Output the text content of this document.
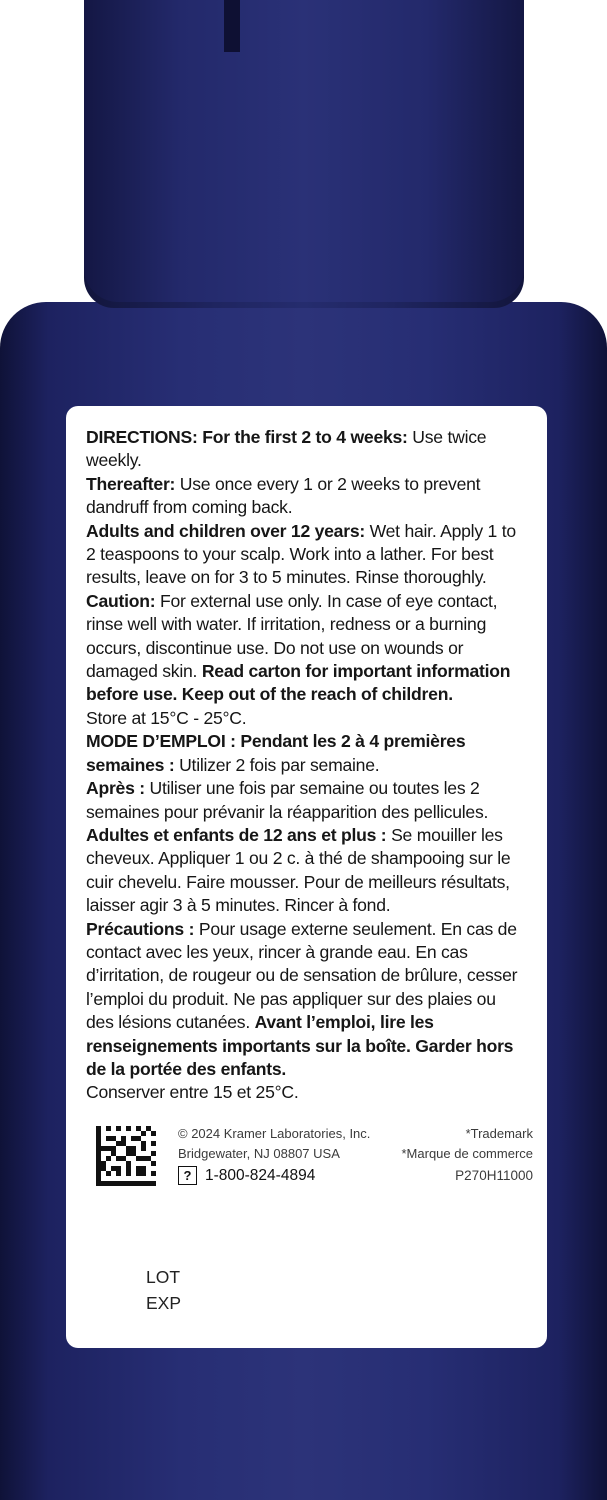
DIRECTIONS: For the first 2 to 4 weeks: Use twice weekly.

Thereafter: Use once every 1 or 2 weeks to prevent dandruff from coming back.

Adults and children over 12 years: Wet hair. Apply 1 to 2 teaspoons to your scalp. Work into a lather. For best results, leave on for 3 to 5 minutes. Rinse thoroughly.

Caution: For external use only. In case of eye contact, rinse well with water. If irritation, redness or a burning occurs, discontinue use. Do not use on wounds or damaged skin. Read carton for important information before use. Keep out of the reach of children.

Store at 15°C - 25°C.

MODE D’EMPLOI : Pendant les 2 à 4 premières semaines : Utilizer 2 fois par semaine.

Après : Utiliser une fois par semaine ou toutes les 2 semaines pour prévanir la réapparition des pellicules.

Adultes et enfants de 12 ans et plus : Se mouiller les cheveux. Appliquer 1 ou 2 c. à thé de shampooing sur le cuir chevelu. Faire mousser. Pour de meilleurs résultats, laisser agir 3 à 5 minutes. Rincer à fond.

Précautions : Pour usage externe seulement. En cas de contact avec les yeux, rincer à grande eau. En cas d’irritation, de rougeur ou de sensation de brûlure, cesser l’emploi du produit. Ne pas appliquer sur des plaies ou des lésions cutanées. Avant l’emploi, lire les renseignements importants sur la boîte. Garder hors de la portée des enfants.

Conserver entre 15 et 25°C.

© 2024 Kramer Laboratories, Inc.
Bridgewater, NJ 08807 USA
? 1-800-824-4894
*Trademark
*Marque de commerce
P270H11000
LOT
EXP
